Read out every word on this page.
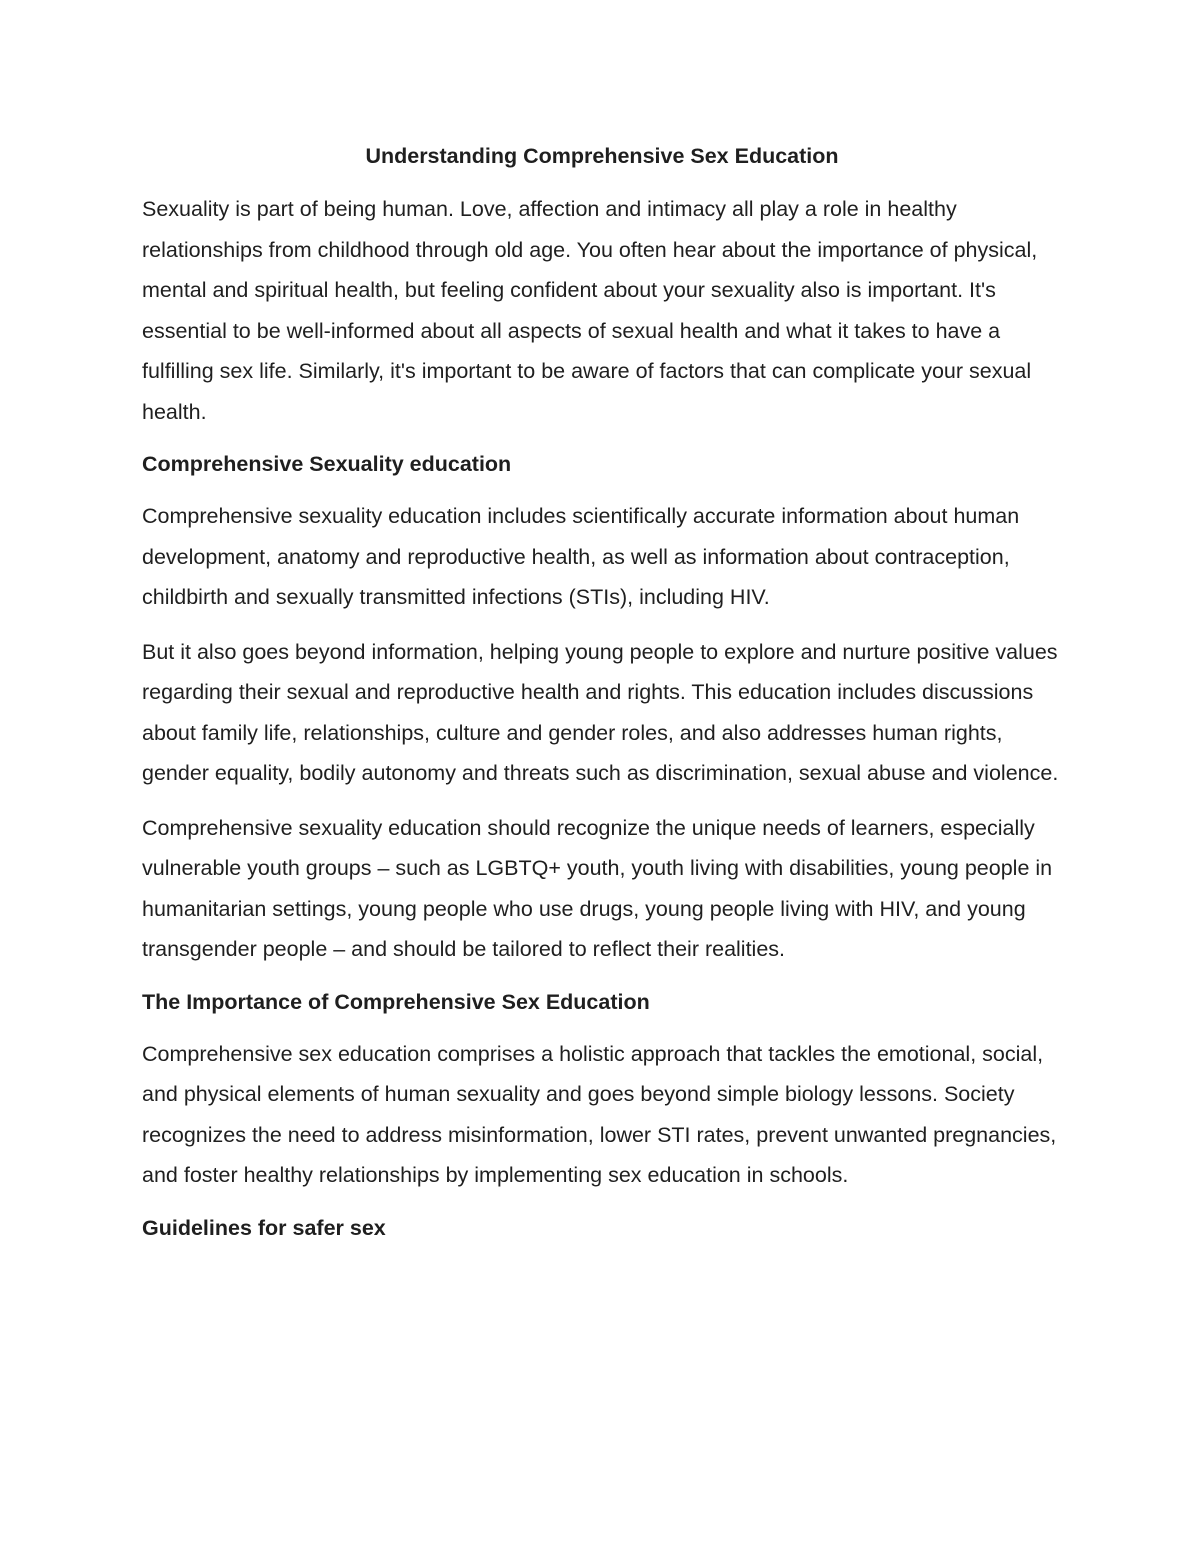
Understanding Comprehensive Sex Education

Sexuality is part of being human. Love, affection and intimacy all play a role in healthy relationships from childhood through old age. You often hear about the importance of physical, mental and spiritual health, but feeling confident about your sexuality also is important. It's essential to be well-informed about all aspects of sexual health and what it takes to have a fulfilling sex life. Similarly, it's important to be aware of factors that can complicate your sexual health.

Comprehensive Sexuality education

Comprehensive sexuality education includes scientifically accurate information about human development, anatomy and reproductive health, as well as information about contraception, childbirth and sexually transmitted infections (STIs), including HIV.

But it also goes beyond information, helping young people to explore and nurture positive values regarding their sexual and reproductive health and rights. This education includes discussions about family life, relationships, culture and gender roles, and also addresses human rights, gender equality, bodily autonomy and threats such as discrimination, sexual abuse and violence.

Comprehensive sexuality education should recognize the unique needs of learners, especially vulnerable youth groups – such as LGBTQ+ youth, youth living with disabilities, young people in humanitarian settings, young people who use drugs, young people living with HIV, and young transgender people – and should be tailored to reflect their realities.

The Importance of Comprehensive Sex Education

Comprehensive sex education comprises a holistic approach that tackles the emotional, social, and physical elements of human sexuality and goes beyond simple biology lessons. Society recognizes the need to address misinformation, lower STI rates, prevent unwanted pregnancies, and foster healthy relationships by implementing sex education in schools.

Guidelines for safer sex
